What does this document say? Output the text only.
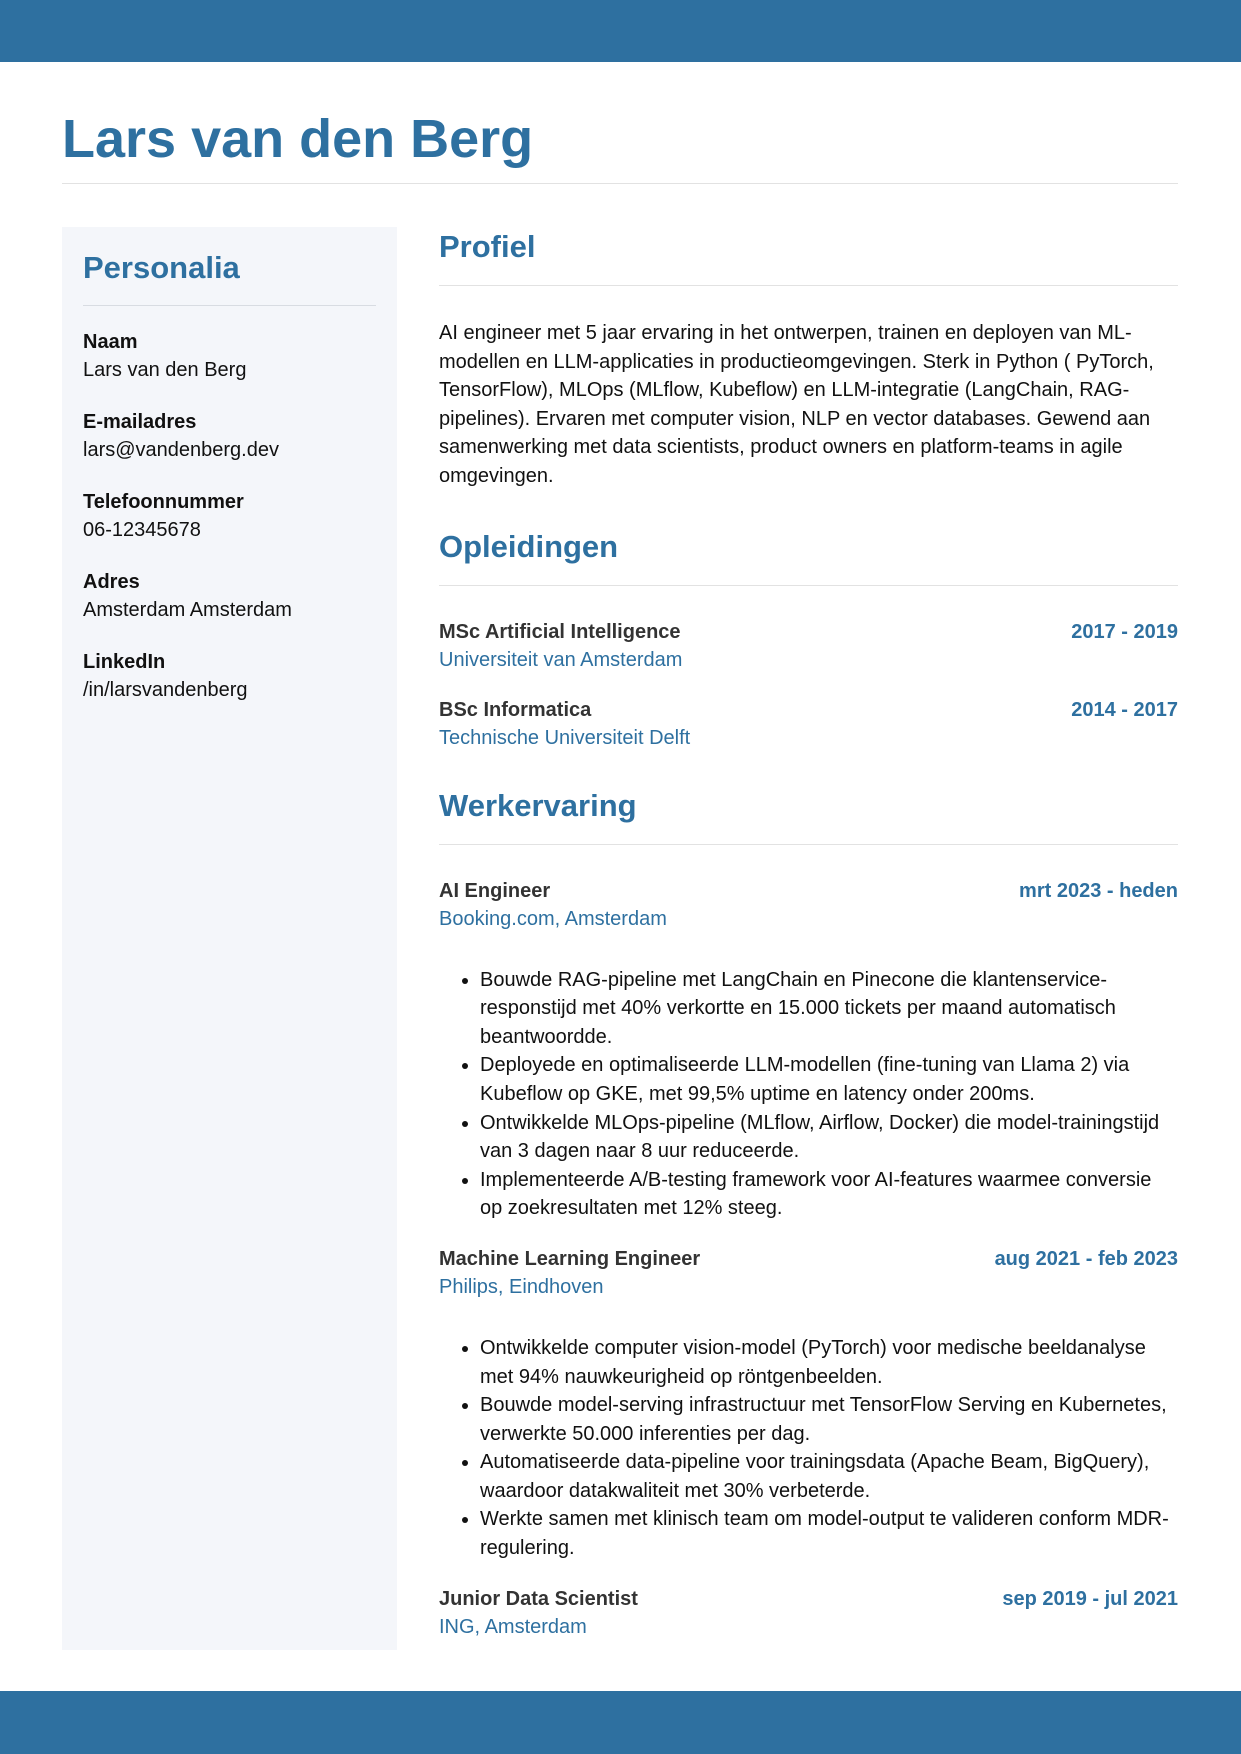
Lars van den Berg
Personalia
Naam
Lars van den Berg
E-mailadres
lars@vandenberg.dev
Telefoonnummer
06-12345678
Adres
Amsterdam Amsterdam
LinkedIn
/in/larsvandenberg
Profiel

AI engineer met 5 jaar ervaring in het ontwerpen, trainen en deployen van ML-modellen en LLM-applicaties in productieomgevingen. Sterk in Python ( PyTorch, TensorFlow), MLOps (MLflow, Kubeflow) en LLM-integratie (LangChain, RAG-pipelines). Ervaren met computer vision, NLP en vector databases. Gewend aan samenwerking met data scientists, product owners en platform-teams in agile omgevingen.

Opleidingen
MSc Artificial Intelligence	2017 - 2019
Universiteit van Amsterdam
BSc Informatica	2014 - 2017
Technische Universiteit Delft
Werkervaring
AI Engineer	mrt 2023 - heden
Booking.com, Amsterdam
• Bouwde RAG-pipeline met LangChain en Pinecone die klantenservice-responstijd met 40% verkortte en 15.000 tickets per maand automatisch beantwoordde.
• Deployede en optimaliseerde LLM-modellen (fine-tuning van Llama 2) via Kubeflow op GKE, met 99,5% uptime en latency onder 200ms.
• Ontwikkelde MLOps-pipeline (MLflow, Airflow, Docker) die model-trainingstijd van 3 dagen naar 8 uur reduceerde.
• Implementeerde A/B-testing framework voor AI-features waarmee conversie op zoekresultaten met 12% steeg.
Machine Learning Engineer	aug 2021 - feb 2023
Philips, Eindhoven
• Ontwikkelde computer vision-model (PyTorch) voor medische beeldanalyse met 94% nauwkeurigheid op röntgenbeelden.
• Bouwde model-serving infrastructuur met TensorFlow Serving en Kubernetes, verwerkte 50.000 inferenties per dag.
• Automatiseerde data-pipeline voor trainingsdata (Apache Beam, BigQuery), waardoor datakwaliteit met 30% verbeterde.
• Werkte samen met klinisch team om model-output te valideren conform MDR-regulering.
Junior Data Scientist	sep 2019 - jul 2021
ING, Amsterdam
